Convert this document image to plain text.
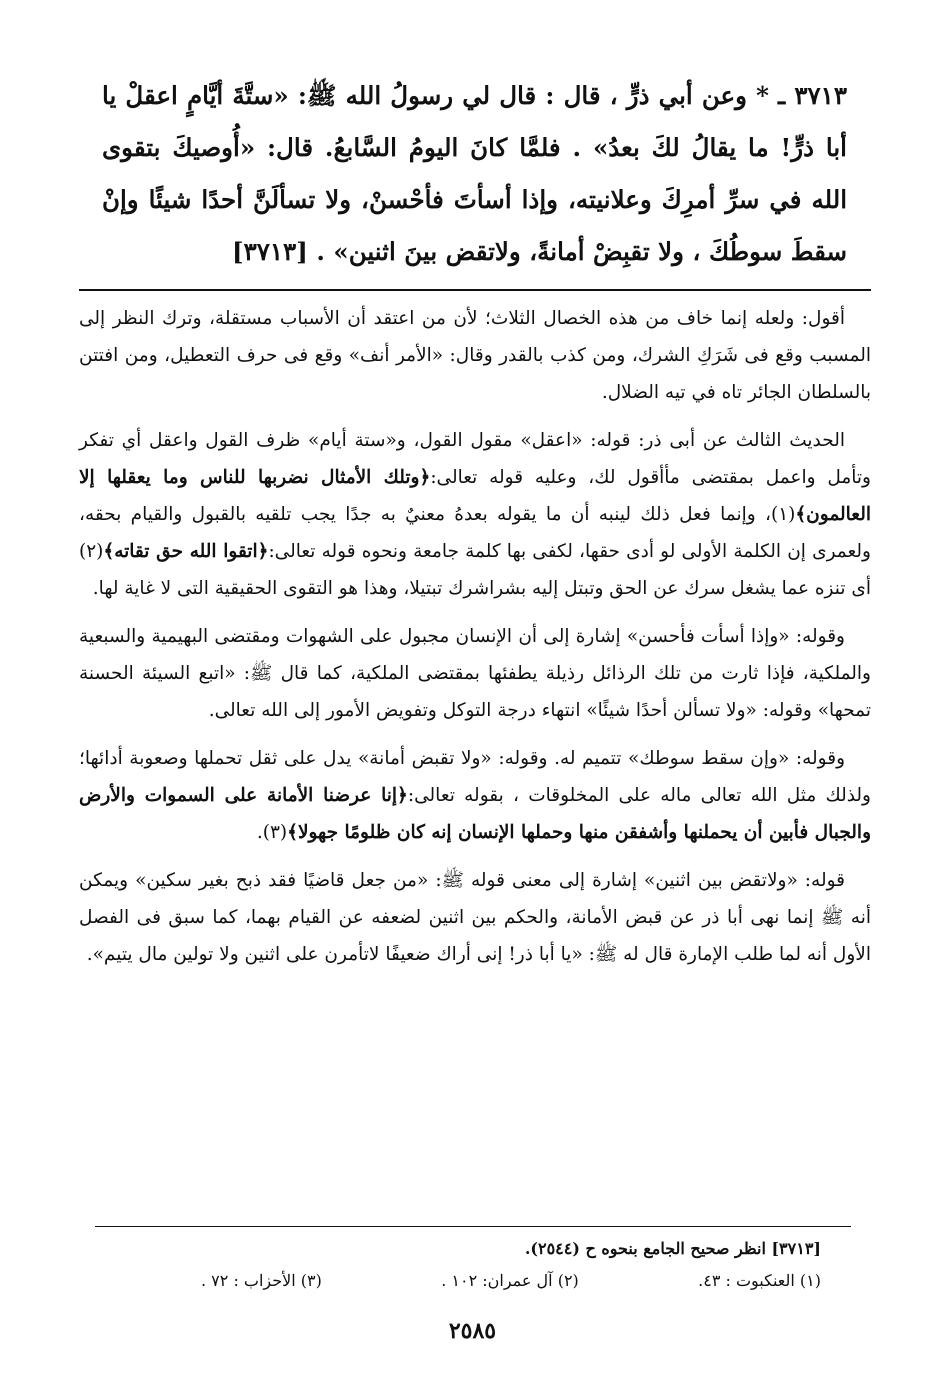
٣٧١٣ ـ * وعن أبي ذرٍّ ، قال : قال لي رسولُ الله ﷺ: «ستَّةَ أيَّامٍ اعقلْ يا أبا ذرٍّ! ما يقالُ لكَ بعدُ» . فلمَّا كانَ اليومُ السَّابعُ. قال: «أُوصيكَ بتقوى الله في سرِّ أمرِكَ وعلانيته، وإذا أسأتَ فأحْسنْ، ولا تسألَنَّ أحدًا شيئًا وإنْ سقطَ سوطُكَ ، ولا تقبِضْ أمانةً، ولاتقض بينَ اثنين» . [٣٧١٣]

أقول: ولعله إنما خاف من هذه الخصال الثلاث؛ لأن من اعتقد أن الأسباب مستقلة، وترك النظر إلى المسبب وقع فى شَرَكِ الشرك، ومن كذب بالقدر وقال: «الأمر أنف» وقع فى حرف التعطيل، ومن افتتن بالسلطان الجائر تاه في تيه الضلال.

الحديث الثالث عن أبى ذر: قوله: «اعقل» مقول القول، و«ستة أيام» ظرف القول واعقل أي تفكر وتأمل واعمل بمقتضى مأأقول لك، وعليه قوله تعالى:﴿وتلك الأمثال نضربها للناس وما يعقلها إلا العالمون﴾(١)، وإنما فعل ذلك لينبه أن ما يقوله بعدهُ معنيٌ به جدًا يجب تلقيه بالقبول والقيام بحقه، ولعمرى إن الكلمة الأولى لو أدى حقها، لكفى بها كلمة جامعة ونحوه قوله تعالى:﴿اتقوا الله حق تقاته﴾(٢) أى تنزه عما يشغل سرك عن الحق وتبتل إليه بشراشرك تبتيلا، وهذا هو التقوى الحقيقية التى لا غاية لها.

وقوله: «وإذا أسأت فأحسن» إشارة إلى أن الإنسان مجبول على الشهوات ومقتضى البهيمية والسبعية والملكية، فإذا ثارت من تلك الرذائل رذيلة يطفئها بمقتضى الملكية، كما قال ﷺ: «اتبع السيئة الحسنة تمحها» وقوله: «ولا تسألن أحدًا شيئًا» انتهاء درجة التوكل وتفويض الأمور إلى الله تعالى.

وقوله: «وإن سقط سوطك» تتميم له. وقوله: «ولا تقبض أمانة» يدل على ثقل تحملها وصعوبة أدائها؛ ولذلك مثل الله تعالى ماله على المخلوقات ، بقوله تعالى:﴿إنا عرضنا الأمانة على السموات والأرض والجبال فأبين أن يحملنها وأشفقن منها وحملها الإنسان إنه كان ظلومًا جهولا﴾(٣).

قوله: «ولاتقض بين اثنين» إشارة إلى معنى قوله ﷺ: «من جعل قاضيًا فقد ذبح بغير سكين» ويمكن أنه ﷺ إنما نهى أبا ذر عن قبض الأمانة، والحكم بين اثنين لضعفه عن القيام بهما، كما سبق فى الفصل الأول أنه لما طلب الإمارة قال له ﷺ: «يا أبا ذر! إنى أراك ضعيفًا لاتأمرن على اثنين ولا تولين مال يتيم».

[٣٧١٣] انظر صحيح الجامع بنحوه ح (٢٥٤٤).
(١) العنكبوت : ٤٣.
(٢) آل عمران: ١٠٢ .
(٣) الأحزاب : ٧٢ .
٢٥٨٥
